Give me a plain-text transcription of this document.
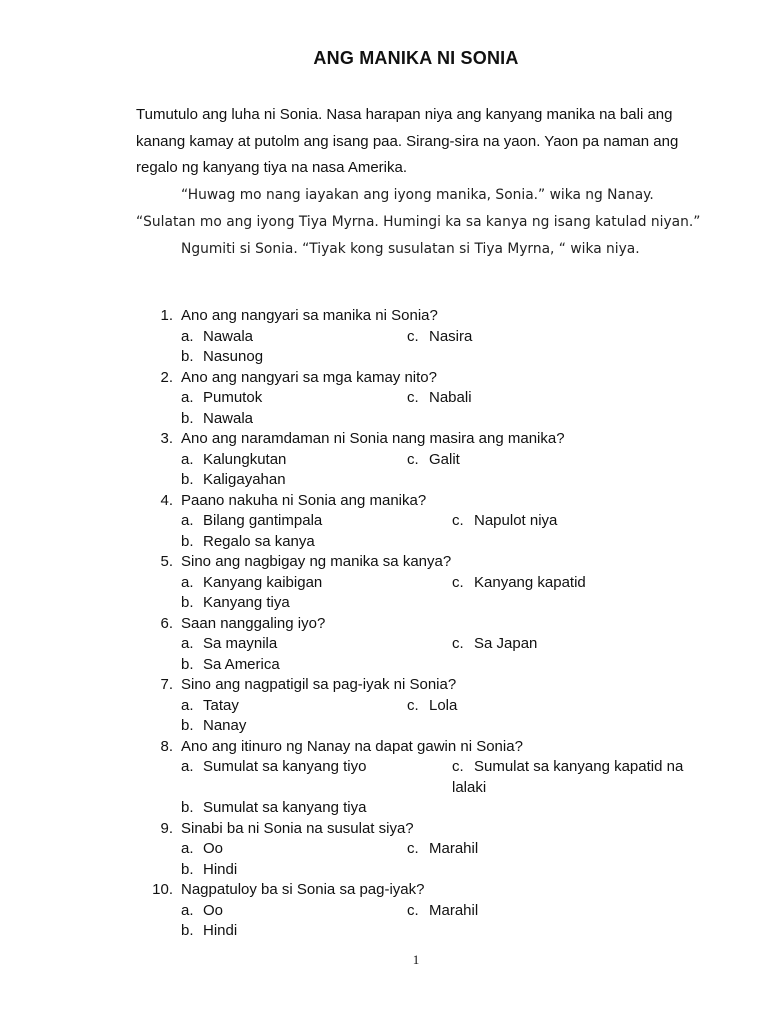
ANG MANIKA NI SONIA

Tumutulo ang luha ni Sonia. Nasa harapan niya ang kanyang manika na bali ang kanang kamay at putolm ang isang paa. Sirang-sira na yaon. Yaon pa naman ang regalo ng kanyang tiya na nasa Amerika.

“Huwag mo nang iayakan ang iyong manika, Sonia.” wika ng Nanay.

“Sulatan mo ang iyong Tiya Myrna. Humingi ka sa kanya ng isang katulad niyan.”

Ngumiti si Sonia. “Tiyak kong susulatan si Tiya Myrna, “ wika niya.

1. Ano ang nangyari sa manika ni Sonia?
a. Nawala	c. Nasira
b. Nasunog
2. Ano ang nangyari sa mga kamay nito?
a. Pumutok	c. Nabali
b. Nawala
3. Ano ang naramdaman ni Sonia nang masira ang manika?
a. Kalungkutan	c. Galit
b. Kaligayahan
4. Paano nakuha ni Sonia ang manika?
a. Bilang gantimpala	c. Napulot niya
b. Regalo sa kanya
5. Sino ang nagbigay ng manika sa kanya?
a. Kanyang kaibigan	c. Kanyang kapatid
b. Kanyang tiya
6. Saan nanggaling iyo?
a. Sa maynila	c. Sa Japan
b. Sa America
7. Sino ang nagpatigil sa pag-iyak ni Sonia?
a. Tatay	c. Lola
b. Nanay
8. Ano ang itinuro ng Nanay na dapat gawin ni Sonia?
a. Sumulat sa kanyang tiyo	c. Sumulat sa kanyang kapatid na lalaki
b. Sumulat sa kanyang tiya
9. Sinabi ba ni Sonia na susulat siya?
a. Oo	c. Marahil
b. Hindi
10. Nagpatuloy ba si Sonia sa pag-iyak?
a. Oo	c. Marahil
b. Hindi
1
